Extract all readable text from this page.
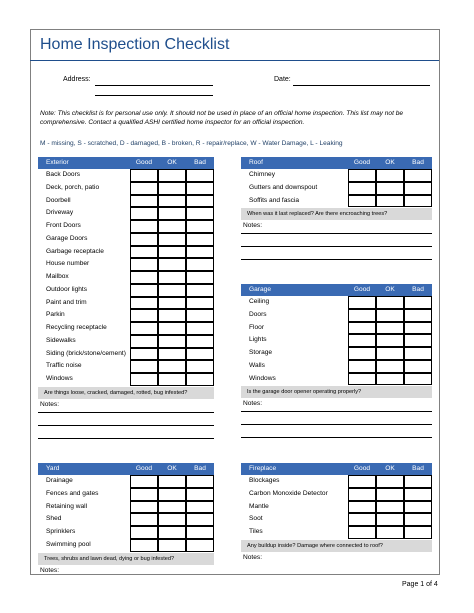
Home Inspection Checklist
Address:	Date:
Note: This checklist is for personal use only. It should not be used in place of an official home inspection. This list may not be comprehensive. Contact a qualified ASHI certified home inspector for an official inspection.
M - missing, S - scratched, D - damaged, B - broken, R - repair/replace, W - Water Damage, L - Leaking
Exterior	Good	OK	Bad
Back Doors
Deck, porch, patio
Doorbell
Driveway
Front Doors
Garage Doors
Garbage receptacle
House number
Mailbox
Outdoor lights
Paint and trim
Parkin
Recycling receptacle
Sidewalks
Siding (brick/stone/cement)
Traffic noise
Windows
Are things loose, cracked, damaged, rotted, bug infested?
Notes:
Roof	Good	OK	Bad
Chimney
Gutters and downspout
Soffits and fascia
When was it last replaced? Are there encroaching trees?
Notes:
Garage	Good	OK	Bad
Ceiling
Doors
Floor
Lights
Storage
Walls
Windows
Is the garage door opener operating properly?
Notes:
Yard	Good	OK	Bad
Drainage
Fences and gates
Retaining wall
Shed
Sprinklers
Swimming pool
Trees, shrubs and lawn dead, dying or bug infested?
Notes:
Fireplace	Good	OK	Bad
Blockages
Carbon Monoxide Detector
Mantle
Soot
Tiles
Any buildup inside? Damage where connected to roof?
Notes:
Page 1 of 4
